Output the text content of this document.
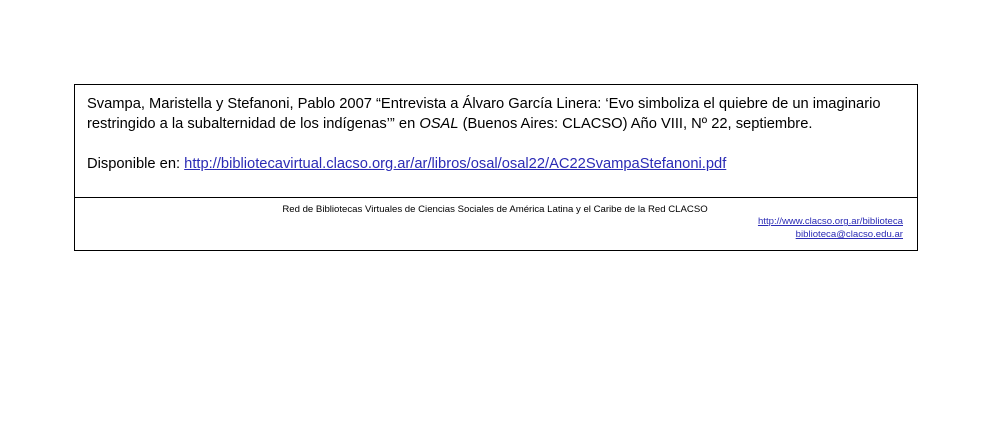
Svampa, Maristella y Stefanoni, Pablo 2007 “Entrevista a Álvaro García Linera: ‘Evo simboliza el quiebre de un imaginario restringido a la subalternidad de los indígenas’” en OSAL (Buenos Aires: CLACSO) Año VIII, Nº 22, septiembre.

Disponible en: http://bibliotecavirtual.clacso.org.ar/ar/libros/osal/osal22/AC22SvampaStefanoni.pdf

Red de Bibliotecas Virtuales de Ciencias Sociales de América Latina y el Caribe de la Red CLACSO

http://www.clacso.org.ar/biblioteca

biblioteca@clacso.edu.ar
